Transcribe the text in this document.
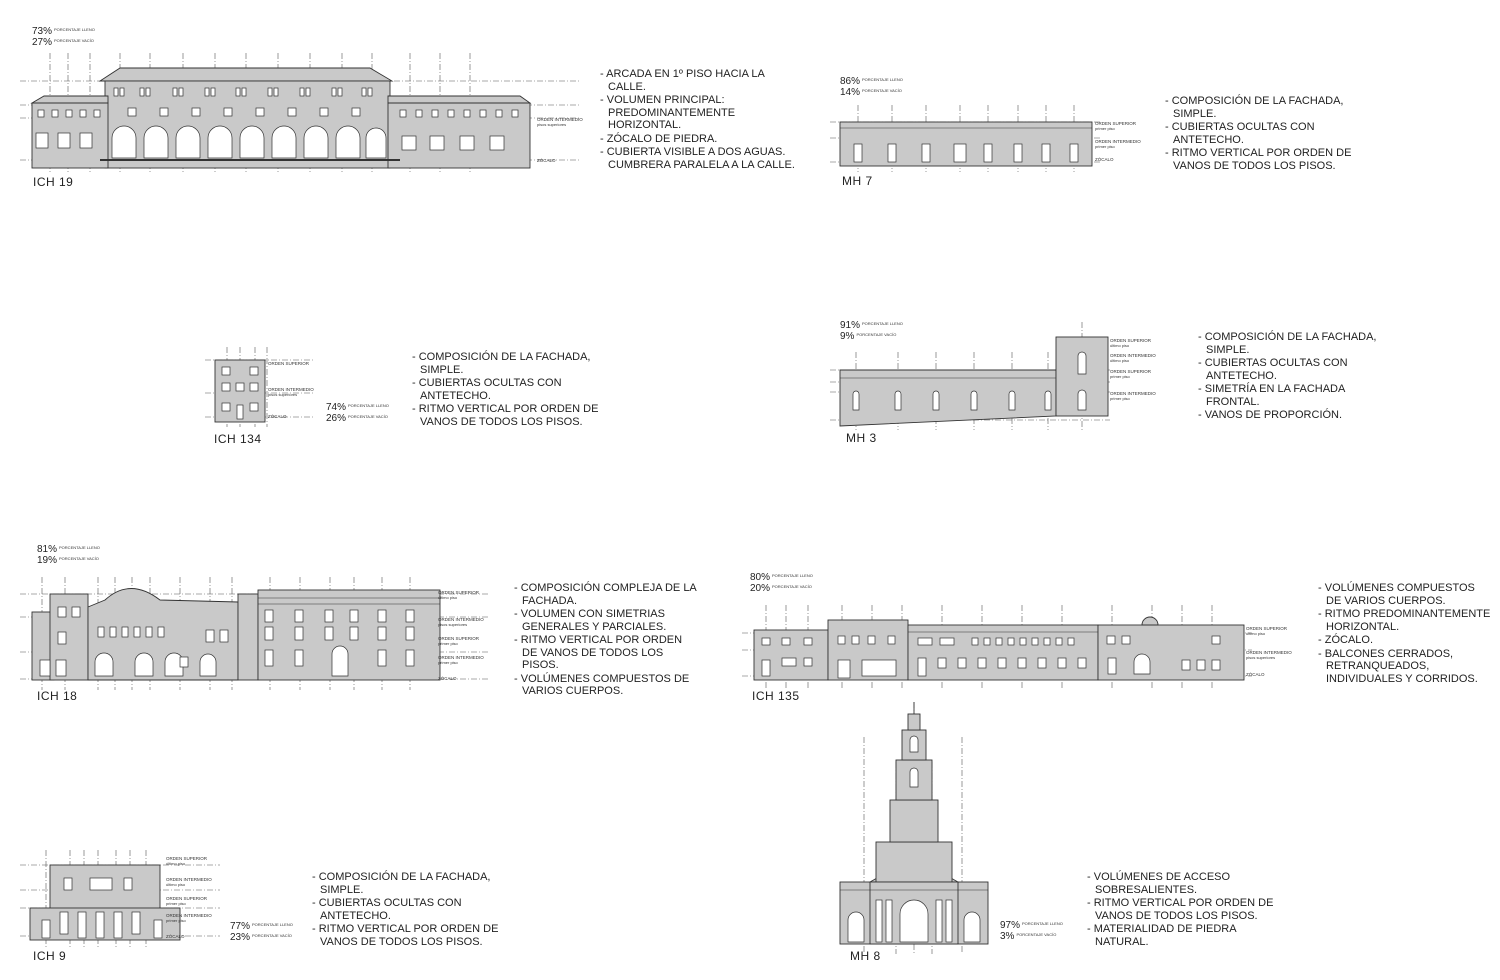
73% PORCENTAJE LLENO
27% PORCENTAJE VACÍO
ORDEN INTERMEDIO
pisos superiores
ZÓCALO
ICH 19
- ARCADA EN 1º PISO HACIA LA CALLE.
- VOLUMEN PRINCIPAL: PREDOMINANTEMENTE HORIZONTAL.
- ZÓCALO DE PIEDRA.
- CUBIERTA VISIBLE A DOS AGUAS. CUMBRERA PARALELA A LA CALLE.
86% PORCENTAJE LLENO
14% PORCENTAJE VACÍO
ORDEN SUPERIOR
primer piso
ORDEN INTERMEDIO
primer piso
ZÓCALO
MH 7
- COMPOSICIÓN DE LA FACHADA, SIMPLE.
- CUBIERTAS OCULTAS CON ANTETECHO.
- RITMO VERTICAL POR ORDEN DE VANOS DE TODOS LOS PISOS.
ORDEN SUPERIOR
ORDEN INTERMEDIO
pisos superiores
ZÓCALO
74% PORCENTAJE LLENO
26% PORCENTAJE VACÍO
ICH 134
- COMPOSICIÓN DE LA FACHADA, SIMPLE.
- CUBIERTAS OCULTAS CON ANTETECHO.
- RITMO VERTICAL POR ORDEN DE VANOS DE TODOS LOS PISOS.
91% PORCENTAJE LLENO
9% PORCENTAJE VACÍO
ORDEN SUPERIOR
último piso
ORDEN INTERMEDIO
último piso
ORDEN SUPERIOR
primer piso
ORDEN INTERMEDIO
primer piso
MH 3
- COMPOSICIÓN DE LA FACHADA, SIMPLE.
- CUBIERTAS OCULTAS CON ANTETECHO.
- SIMETRÍA EN LA FACHADA FRONTAL.
- VANOS DE PROPORCIÓN.
81% PORCENTAJE LLENO
19% PORCENTAJE VACÍO
ORDEN SUPERIOR
último piso
ORDEN INTERMEDIO
pisos superiores
ORDEN SUPERIOR
primer piso
ORDEN INTERMEDIO
primer piso
ZÓCALO
ICH 18
- COMPOSICIÓN COMPLEJA DE LA FACHADA.
- VOLUMEN CON SIMETRIAS GENERALES Y PARCIALES.
- RITMO VERTICAL POR ORDEN DE VANOS DE TODOS LOS PISOS.
- VOLÚMENES COMPUESTOS DE VARIOS CUERPOS.
80% PORCENTAJE LLENO
20% PORCENTAJE VACÍO
ORDEN SUPERIOR
último piso
ORDEN INTERMEDIO
pisos superiores
ZÓCALO
ICH 135
- VOLÚMENES COMPUESTOS DE VARIOS CUERPOS.
- RITMO PREDOMINANTEMENTE HORIZONTAL.
- ZÓCALO.
- BALCONES CERRADOS, RETRANQUEADOS, INDIVIDUALES Y CORRIDOS.
ORDEN SUPERIOR
último piso
ORDEN INTERMEDIO
último piso
ORDEN SUPERIOR
primer piso
ORDEN INTERMEDIO
primer piso
ZÓCALO
77% PORCENTAJE LLENO
23% PORCENTAJE VACÍO
ICH 9
- COMPOSICIÓN DE LA FACHADA, SIMPLE.
- CUBIERTAS OCULTAS CON ANTETECHO.
- RITMO VERTICAL POR ORDEN DE VANOS DE TODOS LOS PISOS.
97% PORCENTAJE LLENO
3% PORCENTAJE VACÍO
MH 8
- VOLÚMENES DE ACCESO SOBRESALIENTES.
- RITMO VERTICAL POR ORDEN DE VANOS DE TODOS LOS PISOS.
- MATERIALIDAD DE PIEDRA NATURAL.
